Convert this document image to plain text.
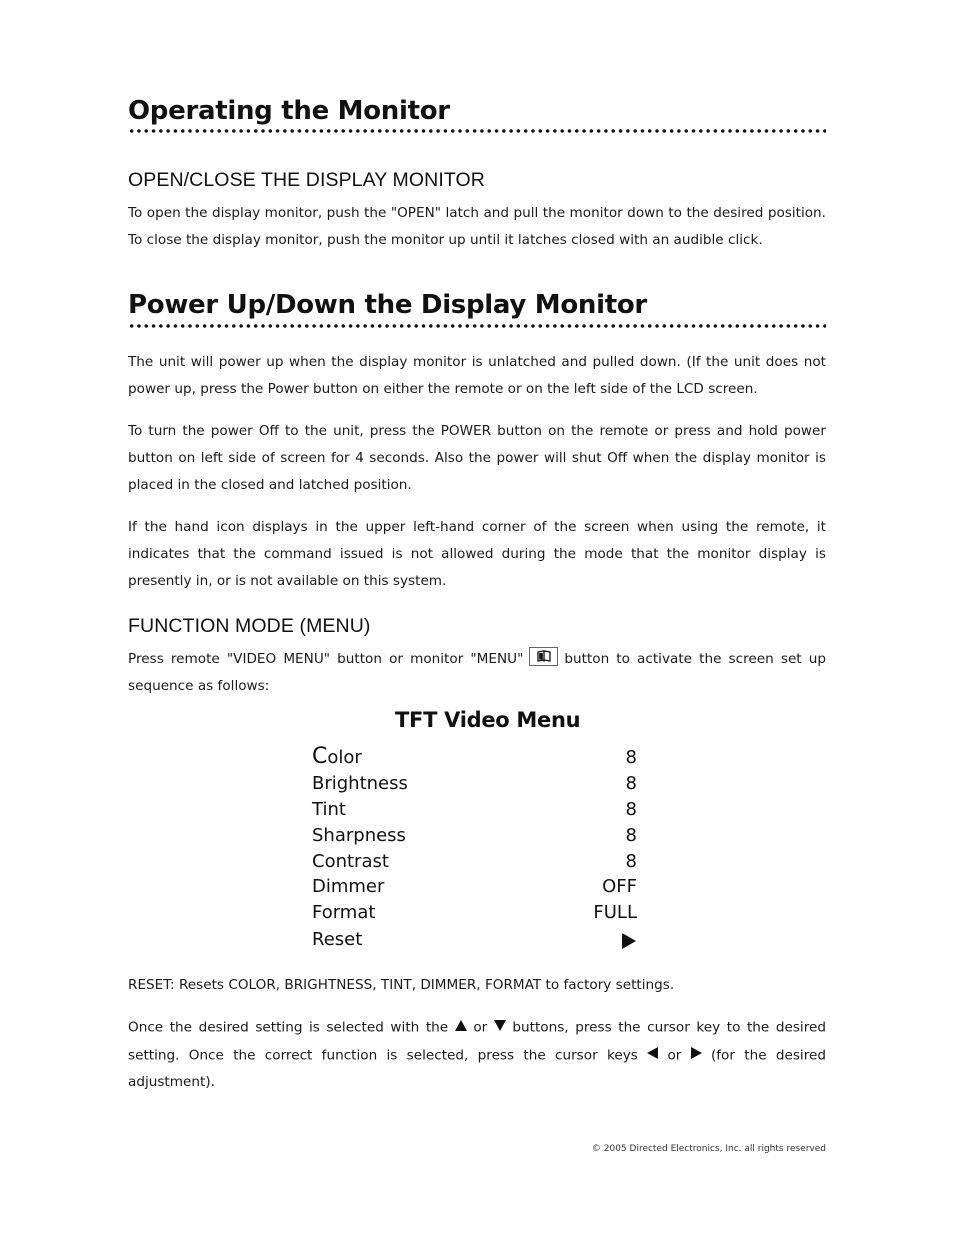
Operating the Monitor
OPEN/CLOSE THE DISPLAY MONITOR
To open the display monitor, push the "OPEN" latch and pull the monitor down to the desired position. To close the display monitor, push the monitor up until it latches closed with an audible click.
Power Up/Down the Display Monitor
The unit will power up when the display monitor is unlatched and pulled down. (If the unit does not power up, press the Power button on either the remote or on the left side of the LCD screen.
To turn the power Off to the unit, press the POWER button on the remote or press and hold power button on left side of screen for 4 seconds. Also the power will shut Off when the display monitor is placed in the closed and latched position.
If the hand icon displays in the upper left-hand corner of the screen when using the remote, it indicates that the command issued is not allowed during the mode that the monitor display is presently in, or is not available on this system.
FUNCTION MODE (MENU)
Press remote "VIDEO MENU" button or monitor "MENU"	button to activate the screen set up sequence as follows:
TFT Video Menu
Color	8
Brightness	8
Tint	8
Sharpness	8
Contrast	8
Dimmer	OFF
Format	FULL
Reset
RESET: Resets COLOR, BRIGHTNESS, TINT, DIMMER, FORMAT to factory settings.
Once the desired setting is selected with the or buttons, press the cursor key to the desired setting. Once the correct function is selected, press the cursor keys or (for the desired adjustment).
© 2005 Directed Electronics, Inc. all rights reserved
